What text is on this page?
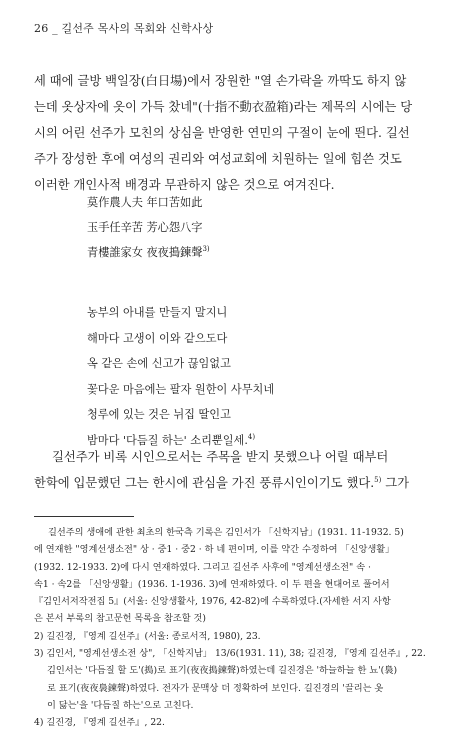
26 _ 길선주 목사의 목회와 신학사상

세 때에 글방 백일장(白日場)에서 장원한 "열 손가락을 까딱도 하지 않
는데 옷상자에 옷이 가득 찼네"(十指不動衣盈箱)라는 제목의 시에는 당
시의 어린 선주가 모친의 상심을 반영한 연민의 구절이 눈에 띈다. 길선
주가 장성한 후에 여성의 권리와 여성교회에 치원하는 일에 힘쓴 것도
이러한 개인사적 배경과 무관하지 않은 것으로 여겨진다.

莫作農人夫 年口苦如此
玉手任辛苦 芳心怨八字
青樓誰家女 夜夜搗鍊聲$^{3)}$
농부의 아내를 만들지 말지니
해마다 고생이 이와 같으도다
옥 같은 손에 신고가 끊임없고
꽃다운 마음에는 팔자 원한이 사무치네
청루에 있는 것은 뉘집 딸인고
밤마다 '다듬질 하는' 소리뿐일세.$^{4)}$

길선주가 비록 시인으로서는 주목을 받지 못했으나 어릴 때부터
한학에 입문했던 그는 한시에 관심을 가진 풍류시인이기도 했다.$^{5)}$ 그가

길선주의 생애에 관한 최초의 한국측 기록은 김인서가 「신학지남」(1931. 11-1932. 5)
에 연재한 "영계선생소전" 상 · 중1 · 중2 · 하 네 편이며, 이를 약간 수정하여 「신앙생활」
(1932. 12-1933. 2)에 다시 연재하였다. 그리고 길선주 사후에 "영계선생소전" 속 ·
속1 · 속2를 「신앙생활」(1936. 1-1936. 3)에 연재하였다. 이 두 편을 현대어로 풀어서
『김인서저작전집 5』(서울: 신앙생활사, 1976, 42-82)에 수록하였다.(자세한 서지 사항
은 본서 부록의 참고문헌 목록을 참조할 것)
2) 길진경, 『영계 길선주』(서울: 종로서적, 1980), 23.
3) 김인서, "영계선생소전 상", 「신학지남」 13/6(1931. 11), 38; 길진경, 『영계 길선주』, 22.
김인서는 '다듬질 할 도'(搗)로 표기(夜夜搗鍊聲)하였는데 길진경은 '하늘하늘 한 뇨'(裊)
로 표기(夜夜裊鍊聲)하였다. 전자가 문맥상 더 정확하여 보인다. 길진경의 '끌리는 옷
이 닳는'을 '다듬질 하는'으로 고친다.
4) 길진경, 『영계 길선주』, 22.
